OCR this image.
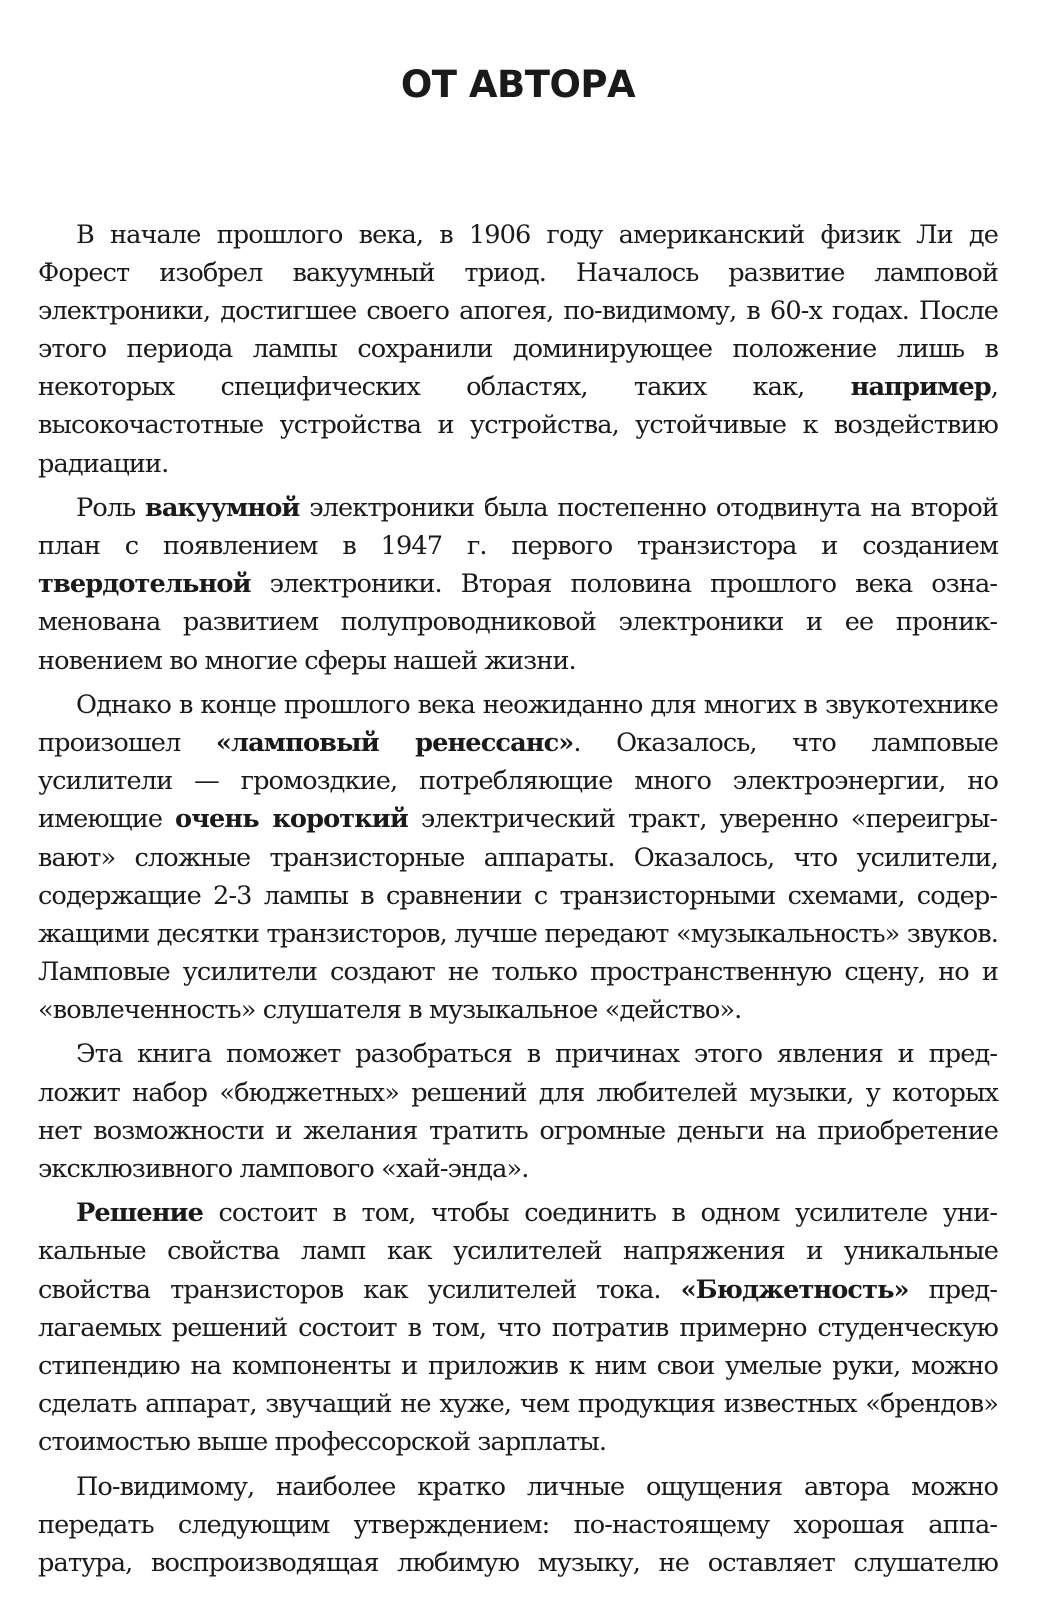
ОТ АВТОРА

В начале прошлого века, в 1906 году американский физик Ли де Форест изобрел вакуумный триод. Началось развитие ламповой электроники, достигшее своего апогея, по-видимому, в 60-х годах. После этого периода лампы сохранили доминирующее положение лишь в некоторых специфических областях, таких как, например, высокочастотные устройства и устройства, устойчивые к воздействию радиации.

Роль вакуумной электроники была постепенно отодвинута на второй план с появлением в 1947 г. первого транзистора и созданием твердотельной электроники. Вторая половина прошлого века ознаменована развитием полупроводниковой электроники и ее проникновением во многие сферы нашей жизни.

Однако в конце прошлого века неожиданно для многих в звукотехнике произошел «ламповый ренессанс». Оказалось, что ламповые усилители — громоздкие, потребляющие много электроэнергии, но имеющие очень короткий электрический тракт, уверенно «переигрывают» сложные транзисторные аппараты. Оказалось, что усилители, содержащие 2-3 лампы в сравнении с транзисторными схемами, содержащими десятки транзисторов, лучше передают «музыкальность» звуков. Ламповые усилители создают не только пространственную сцену, но и «вовлеченность» слушателя в музыкальное «действо».

Эта книга поможет разобраться в причинах этого явления и предложит набор «бюджетных» решений для любителей музыки, у которых нет возможности и желания тратить огромные деньги на приобретение эксклюзивного лампового «хай-энда».

Решение состоит в том, чтобы соединить в одном усилителе уникальные свойства ламп как усилителей напряжения и уникальные свойства транзисторов как усилителей тока. «Бюджетность» предлагаемых решений состоит в том, что потратив примерно студенческую стипендию на компоненты и приложив к ним свои умелые руки, можно сделать аппарат, звучащий не хуже, чем продукция известных «брендов» стоимостью выше профессорской зарплаты.

По-видимому, наиболее кратко личные ощущения автора можно передать следующим утверждением: по-настоящему хорошая аппаратура, воспроизводящая любимую музыку, не оставляет слушателю
